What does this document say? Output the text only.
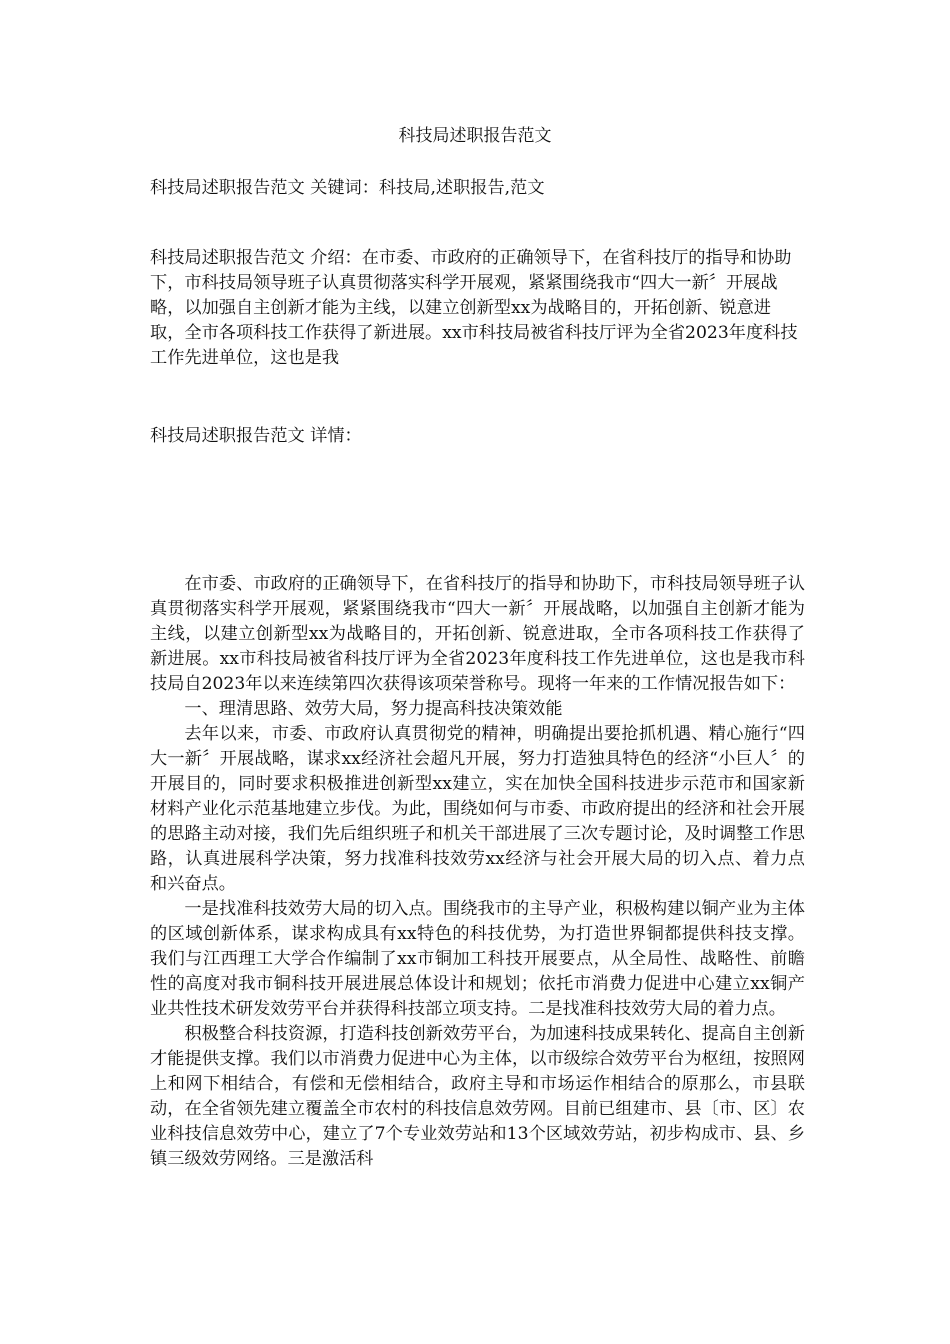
科技局述职报告范文

科技局述职报告范文 关键词：科技局,述职报告,范文

科技局述职报告范文 介绍：在市委、市政府的正确领导下，在省科技厅的指导和协助下，市科技局领导班子认真贯彻落实科学开展观，紧紧围绕我市“四大一新〞开展战略，以加强自主创新才能为主线，以建立创新型xx为战略目的，开拓创新、锐意进取，全市各项科技工作获得了新进展。xx市科技局被省科技厅评为全省2023年度科技工作先进单位，这也是我

科技局述职报告范文 详情：

在市委、市政府的正确领导下，在省科技厅的指导和协助下，市科技局领导班子认真贯彻落实科学开展观，紧紧围绕我市“四大一新〞开展战略，以加强自主创新才能为主线，以建立创新型xx为战略目的，开拓创新、锐意进取，全市各项科技工作获得了新进展。xx市科技局被省科技厅评为全省2023年度科技工作先进单位，这也是我市科技局自2023年以来连续第四次获得该项荣誉称号。现将一年来的工作情况报告如下：

一、理清思路、效劳大局，努力提高科技决策效能

去年以来，市委、市政府认真贯彻党的精神，明确提出要抢抓机遇、精心施行“四大一新〞开展战略，谋求xx经济社会超凡开展，努力打造独具特色的经济“小巨人〞的开展目的，同时要求积极推进创新型xx建立，实在加快全国科技进步示范市和国家新材料产业化示范基地建立步伐。为此，围绕如何与市委、市政府提出的经济和社会开展的思路主动对接，我们先后组织班子和机关干部进展了三次专题讨论，及时调整工作思路，认真进展科学决策，努力找准科技效劳xx经济与社会开展大局的切入点、着力点和兴奋点。

一是找准科技效劳大局的切入点。围绕我市的主导产业，积极构建以铜产业为主体的区域创新体系，谋求构成具有xx特色的科技优势，为打造世界铜都提供科技支撑。我们与江西理工大学合作编制了xx市铜加工科技开展要点，从全局性、战略性、前瞻性的高度对我市铜科技开展进展总体设计和规划；依托市消费力促进中心建立xx铜产业共性技术研发效劳平台并获得科技部立项支持。二是找准科技效劳大局的着力点。

积极整合科技资源，打造科技创新效劳平台，为加速科技成果转化、提高自主创新才能提供支撑。我们以市消费力促进中心为主体，以市级综合效劳平台为枢纽，按照网上和网下相结合，有偿和无偿相结合，政府主导和市场运作相结合的原那么，市县联动，在全省领先建立覆盖全市农村的科技信息效劳网。目前已组建市、县〔市、区〕农业科技信息效劳中心，建立了7个专业效劳站和13个区域效劳站，初步构成市、县、乡镇三级效劳网络。三是激活科
